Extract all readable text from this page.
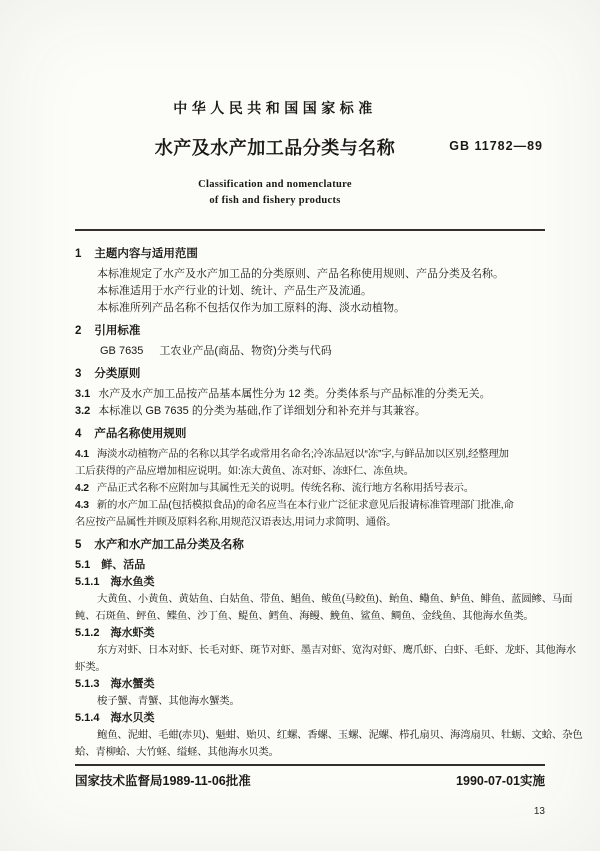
中华人民共和国国家标准
水产及水产加工品分类与名称	GB 11782—89
Classification and nomenclature
of fish and fishery products
1 主题内容与适用范围

本标准规定了水产及水产加工品的分类原则、产品名称使用规则、产品分类及名称。

本标准适用于水产行业的计划、统计、产品生产及流通。

本标准所列产品名称不包括仅作为加工原料的海、淡水动植物。

2 引用标准

GB 7635 工农业产品(商品、物资)分类与代码

3 分类原则

3.1 水产及水产加工品按产品基本属性分为 12 类。分类体系与产品标准的分类无关。

3.2 本标准以 GB 7635 的分类为基础,作了详细划分和补充并与其兼容。

4 产品名称使用规则
4.1 海淡水动植物产品的名称以其学名或常用名命名;冷冻品冠以“冻”字,与鲜品加以区别,经整理加
工后获得的产品应增加相应说明。如:冻大黄鱼、冻对虾、冻虾仁、冻鱼块。
4.2 产品正式名称不应附加与其属性无关的说明。传统名称、流行地方名称用括号表示。
4.3 新的水产加工品(包括模拟食品)的命名应当在本行业广泛征求意见后报请标准管理部门批准,命
名应按产品属性并顾及原料名称,用规范汉语表达,用词力求简明、通俗。
5 水产和水产加工品分类及名称
5.1 鲜、活品
5.1.1 海水鱼类
大黄鱼、小黄鱼、黄姑鱼、白姑鱼、带鱼、鲳鱼、鲅鱼(马鲛鱼)、鲐鱼、鳓鱼、鲈鱼、鲱鱼、蓝圆鲹、马面
鲀、石斑鱼、鲆鱼、鲽鱼、沙丁鱼、鳀鱼、鳕鱼、海鳗、鮸鱼、鲨鱼、鲷鱼、金线鱼、其他海水鱼类。
5.1.2 海水虾类
东方对虾、日本对虾、长毛对虾、斑节对虾、墨吉对虾、宽沟对虾、鹰爪虾、白虾、毛虾、龙虾、其他海水
虾类。
5.1.3 海水蟹类
梭子蟹、青蟹、其他海水蟹类。
5.1.4 海水贝类
鲍鱼、泥蚶、毛蚶(赤贝)、魁蚶、贻贝、红螺、香螺、玉螺、泥螺、栉孔扇贝、海湾扇贝、牡蛎、文蛤、杂色
蛤、青柳蛤、大竹蛏、缢蛏、其他海水贝类。
国家技术监督局1989-11-06批准	1990-07-01实施
13
